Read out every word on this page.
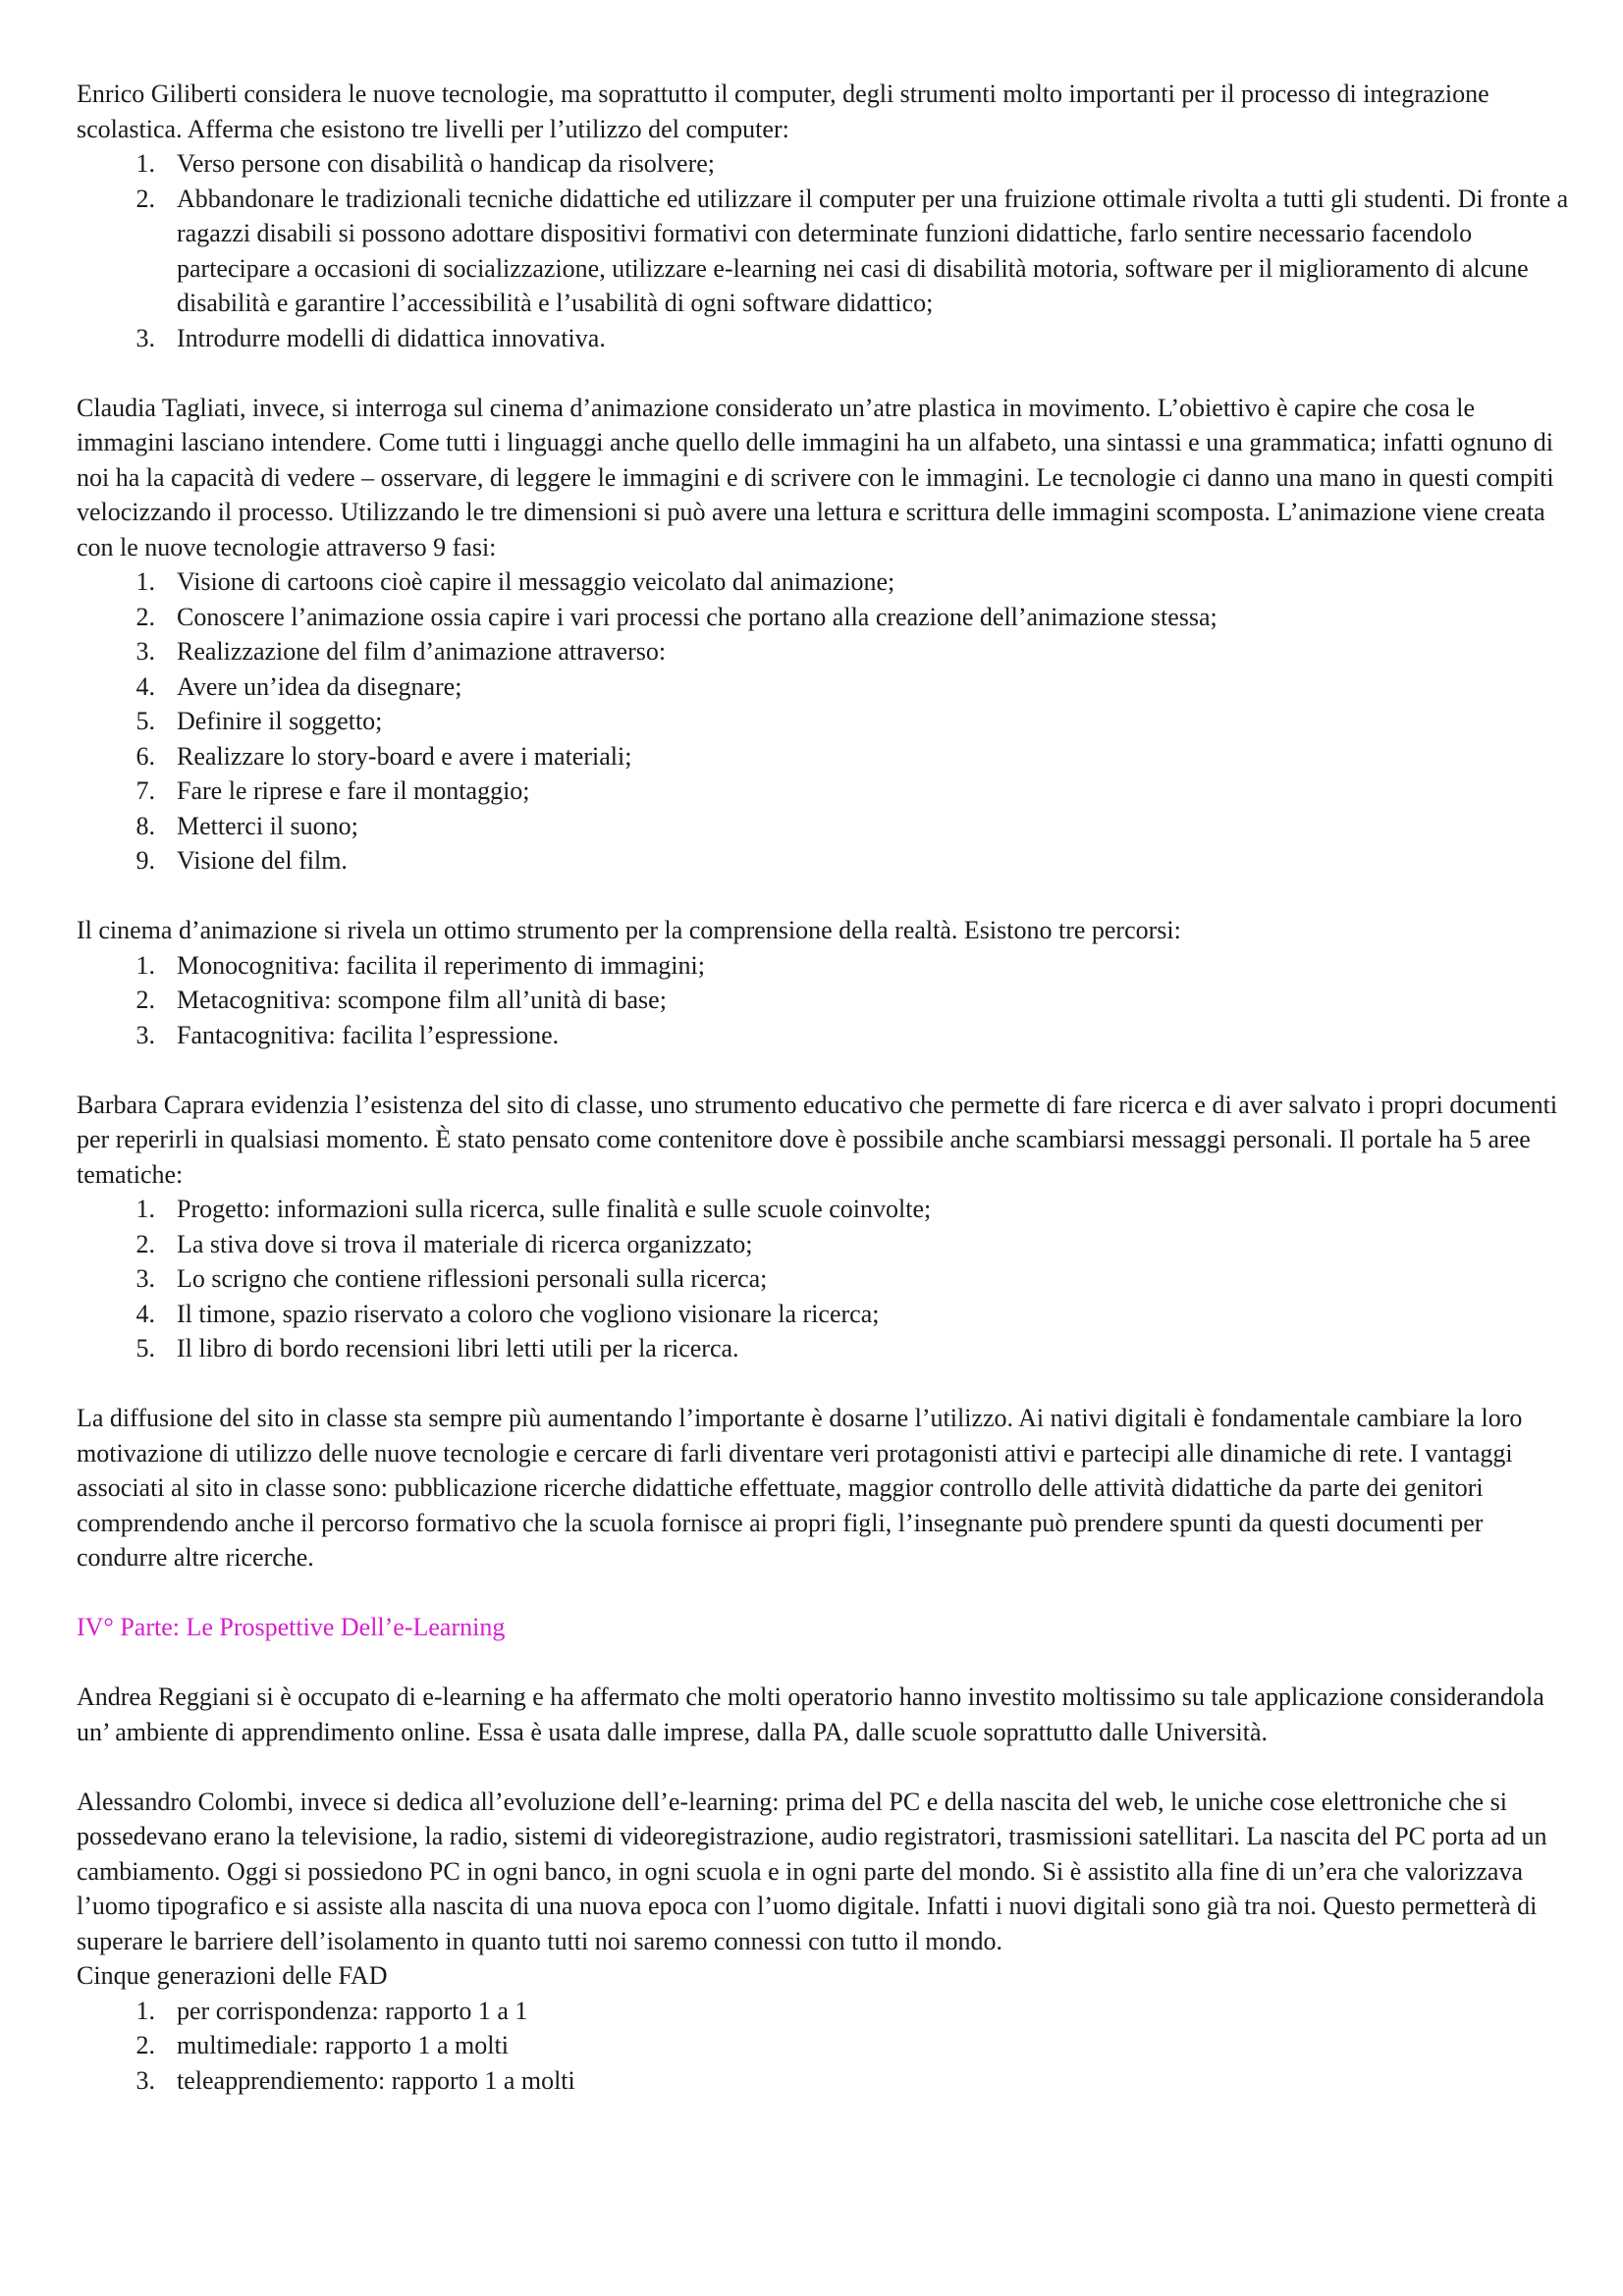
Enrico Giliberti considera le nuove tecnologie, ma soprattutto il computer, degli strumenti molto importanti per il processo di integrazione scolastica. Afferma che esistono tre livelli per l’utilizzo del computer:

1. Verso persone con disabilità o handicap da risolvere;
2. Abbandonare le tradizionali tecniche didattiche ed utilizzare il computer per una fruizione ottimale rivolta a tutti gli studenti. Di fronte a ragazzi disabili si possono adottare dispositivi formativi con determinate funzioni didattiche, farlo sentire necessario facendolo partecipare a occasioni di socializzazione, utilizzare e-learning nei casi di disabilità motoria, software per il miglioramento di alcune disabilità e garantire l’accessibilità e l’usabilità di ogni software didattico;
3. Introdurre modelli di didattica innovativa.

Claudia Tagliati, invece, si interroga sul cinema d’animazione considerato un’atre plastica in movimento. L’obiettivo è capire che cosa le immagini lasciano intendere. Come tutti i linguaggi anche quello delle immagini ha un alfabeto, una sintassi e una grammatica; infatti ognuno di noi ha la capacità di vedere – osservare, di leggere le immagini e di scrivere con le immagini. Le tecnologie ci danno una mano in questi compiti velocizzando il processo. Utilizzando le tre dimensioni si può avere una lettura e scrittura delle immagini scomposta. L’animazione viene creata con le nuove tecnologie attraverso 9 fasi:

1. Visione di cartoons cioè capire il messaggio veicolato dal animazione;
2. Conoscere l’animazione ossia capire i vari processi che portano alla creazione dell’animazione stessa;
3. Realizzazione del film d’animazione attraverso:
4. Avere un’idea da disegnare;
5. Definire il soggetto;
6. Realizzare lo story-board e avere i materiali;
7. Fare le riprese e fare il montaggio;
8. Metterci il suono;
9. Visione del film.

Il cinema d’animazione si rivela un ottimo strumento per la comprensione della realtà. Esistono tre percorsi:

1. Monocognitiva: facilita il reperimento di immagini;
2. Metacognitiva: scompone film all’unità di base;
3. Fantacognitiva: facilita l’espressione.

Barbara Caprara evidenzia l’esistenza del sito di classe, uno strumento educativo che permette di fare ricerca e di aver salvato i propri documenti per reperirli in qualsiasi momento. È stato pensato come contenitore dove è possibile anche scambiarsi messaggi personali. Il portale ha 5 aree tematiche:

1. Progetto: informazioni sulla ricerca, sulle finalità e sulle scuole coinvolte;
2. La stiva dove si trova il materiale di ricerca organizzato;
3. Lo scrigno che contiene riflessioni personali sulla ricerca;
4. Il timone, spazio riservato a coloro che vogliono visionare la ricerca;
5. Il libro di bordo recensioni libri letti utili per la ricerca.

La diffusione del sito in classe sta sempre più aumentando l’importante è dosarne l’utilizzo. Ai nativi digitali è fondamentale cambiare la loro motivazione di utilizzo delle nuove tecnologie e cercare di farli diventare veri protagonisti attivi e partecipi alle dinamiche di rete. I vantaggi associati al sito in classe sono: pubblicazione ricerche didattiche effettuate, maggior controllo delle attività didattiche da parte dei genitori comprendendo anche il percorso formativo che la scuola fornisce ai propri figli, l’insegnante può prendere spunti da questi documenti per condurre altre ricerche.

IV° Parte: Le Prospettive Dell’e-Learning

Andrea Reggiani si è occupato di e-learning e ha affermato che molti operatorio hanno investito moltissimo su tale applicazione considerandola un’ ambiente di apprendimento online. Essa è usata dalle imprese, dalla PA, dalle scuole soprattutto dalle Università.

Alessandro Colombi, invece si dedica all’evoluzione dell’e-learning: prima del PC e della nascita del web, le uniche cose elettroniche che si possedevano erano la televisione, la radio, sistemi di videoregistrazione, audio registratori, trasmissioni satellitari. La nascita del PC porta ad un cambiamento. Oggi si possiedono PC in ogni banco, in ogni scuola e in ogni parte del mondo. Si è assistito alla fine di un’era che valorizzava l’uomo tipografico e si assiste alla nascita di una nuova epoca con l’uomo digitale. Infatti i nuovi digitali sono già tra noi. Questo permetterà di superare le barriere dell’isolamento in quanto tutti noi saremo connessi con tutto il mondo.

Cinque generazioni delle FAD

1. per corrispondenza: rapporto 1 a 1
2. multimediale: rapporto 1 a molti
3. teleapprendiemento: rapporto 1 a molti
